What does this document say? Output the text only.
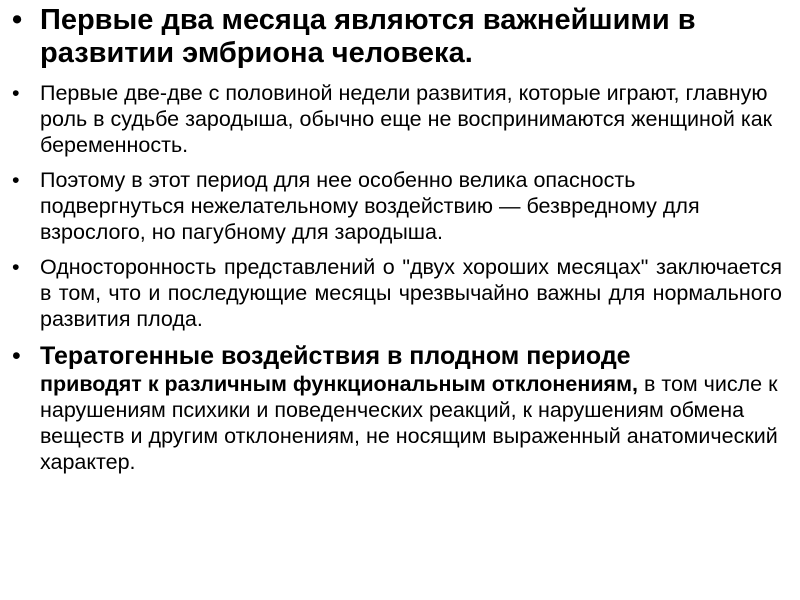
• Первые два месяца являются важнейшими в развитии эмбриона человека.
• Первые две-две с половиной недели развития, которые играют, главную роль в судьбе зародыша, обычно еще не воспринимаются женщиной как беременность.
• Поэтому в этот период для нее особенно велика опасность подвергнуться нежелательному воздействию — безвредному для взрослого, но пагубному для зародыша.
• Односторонность представлений о "двух хороших месяцах" заключается в том, что и последующие месяцы чрезвычайно важны для нормального развития плода.
• Тератогенные воздействия в плодном периоде
приводят к различным функциональным отклонениям, в том числе к нарушениям психики и поведенческих реакций, к нарушениям обмена веществ и другим отклонениям, не носящим выраженный анатомический характер.
